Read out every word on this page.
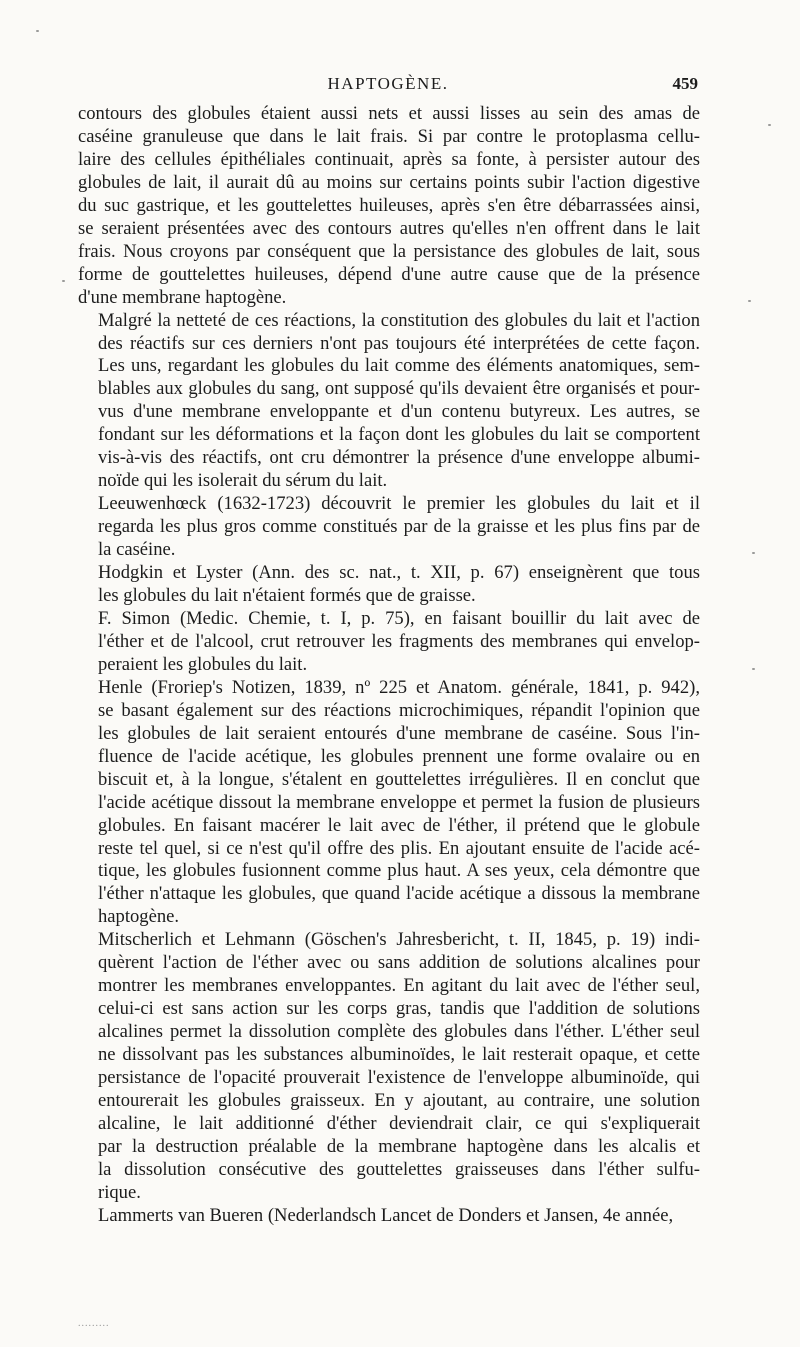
HAPTOGÈNE.	459
contours des globules étaient aussi nets et aussi lisses au sein des amas de
caséine granuleuse que dans le lait frais. Si par contre le protoplasma cellu-
laire des cellules épithéliales continuait, après sa fonte, à persister autour des
globules de lait, il aurait dû au moins sur certains points subir l'action digestive
du suc gastrique, et les gouttelettes huileuses, après s'en être débarrassées ainsi,
se seraient présentées avec des contours autres qu'elles n'en offrent dans le lait
frais. Nous croyons par conséquent que la persistance des globules de lait, sous
forme de gouttelettes huileuses, dépend d'une autre cause que de la présence
d'une membrane haptogène.
Malgré la netteté de ces réactions, la constitution des globules du lait et l'action
des réactifs sur ces derniers n'ont pas toujours été interprétées de cette façon.
Les uns, regardant les globules du lait comme des éléments anatomiques, sem-
blables aux globules du sang, ont supposé qu'ils devaient être organisés et pour-
vus d'une membrane enveloppante et d'un contenu butyreux. Les autres, se
fondant sur les déformations et la façon dont les globules du lait se comportent
vis-à-vis des réactifs, ont cru démontrer la présence d'une enveloppe albumi-
noïde qui les isolerait du sérum du lait.
Leeuwenhœck (1632-1723) découvrit le premier les globules du lait et il
regarda les plus gros comme constitués par de la graisse et les plus fins par de
la caséine.
Hodgkin et Lyster (Ann. des sc. nat., t. XII, p. 67) enseignèrent que tous
les globules du lait n'étaient formés que de graisse.
F. Simon (Medic. Chemie, t. I, p. 75), en faisant bouillir du lait avec de
l'éther et de l'alcool, crut retrouver les fragments des membranes qui envelop-
peraient les globules du lait.
Henle (Froriep's Notizen, 1839, nº 225 et Anatom. générale, 1841, p. 942),
se basant également sur des réactions microchimiques, répandit l'opinion que
les globules de lait seraient entourés d'une membrane de caséine. Sous l'in-
fluence de l'acide acétique, les globules prennent une forme ovalaire ou en
biscuit et, à la longue, s'étalent en gouttelettes irrégulières. Il en conclut que
l'acide acétique dissout la membrane enveloppe et permet la fusion de plusieurs
globules. En faisant macérer le lait avec de l'éther, il prétend que le globule
reste tel quel, si ce n'est qu'il offre des plis. En ajoutant ensuite de l'acide acé-
tique, les globules fusionnent comme plus haut. A ses yeux, cela démontre que
l'éther n'attaque les globules, que quand l'acide acétique a dissous la membrane
haptogène.
Mitscherlich et Lehmann (Göschen's Jahresbericht, t. II, 1845, p. 19) indi-
quèrent l'action de l'éther avec ou sans addition de solutions alcalines pour
montrer les membranes enveloppantes. En agitant du lait avec de l'éther seul,
celui-ci est sans action sur les corps gras, tandis que l'addition de solutions
alcalines permet la dissolution complète des globules dans l'éther. L'éther seul
ne dissolvant pas les substances albuminoïdes, le lait resterait opaque, et cette
persistance de l'opacité prouverait l'existence de l'enveloppe albuminoïde, qui
entourerait les globules graisseux. En y ajoutant, au contraire, une solution
alcaline, le lait additionné d'éther deviendrait clair, ce qui s'expliquerait
par la destruction préalable de la membrane haptogène dans les alcalis et
la dissolution consécutive des gouttelettes graisseuses dans l'éther sulfu-
rique.
Lammerts van Bueren (Nederlandsch Lancet de Donders et Jansen, 4e année,
.........
